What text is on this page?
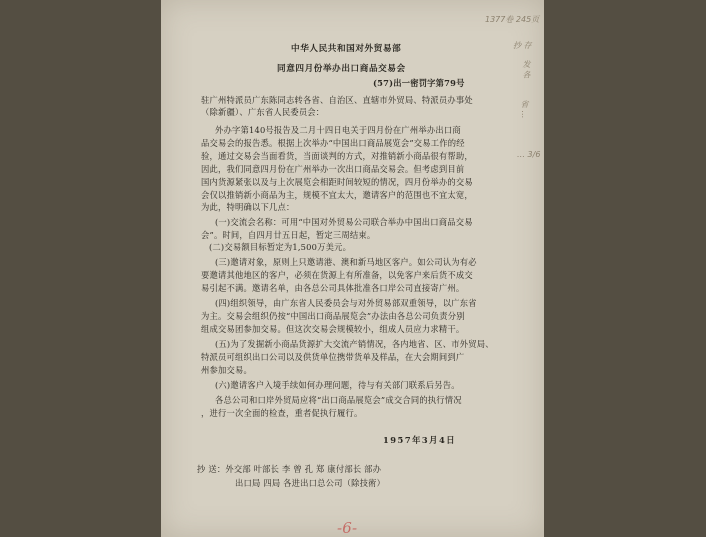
1377卷 245页
抄 存
发 各
省 …
… 3/6
中华人民共和国对外贸易部
同意四月份举办出口商品交易会
(57)出一密罚字第79号
驻广州特派员广东陈同志转各省、自治区、直辖市外贸局、特派员办事处
（除新疆）、广东省人民委员会：
外办字第140号报告及二月十四日电关于四月份在广州举办出口商
品交易会的报告悉。根据上次举办“中国出口商品展览会”交易工作的经
验，通过交易会当面看货，当面谈判的方式，对推销新小商品很有帮助，
因此，我们同意四月份在广州举办一次出口商品交易会。但考虑到目前
国内货源紧张以及与上次展览会相距时间较短的情况，四月份举办的交易
会仅以推销新小商品为主，规模不宜太大，邀请客户的范围也不宜太宽，
为此，特明确以下几点：
(一)交流会名称：可用“中国对外贸易公司联合举办中国出口商品交易
会”。时间，自四月廿五日起，暂定三周结束。
(二)交易额目标暂定为1,500万美元。
(三)邀请对象，原则上只邀请港、澳和新马地区客户。如公司认为有必
要邀请其他地区的客户，必须在货源上有所准备，以免客户来后货不成交
易引起不满。邀请名单，由各总公司具体批准各口岸公司直接寄广州。
(四)组织领导，由广东省人民委员会与对外贸易部双重领导，以广东省
为主。交易会组织仍按“中国出口商品展览会”办法由各总公司负责分别
组成交易团参加交易。但这次交易会规模较小，组成人员应力求精干。
(五)为了发掘新小商品货源扩大交流产销情况，各内地省、区、市外贸局、
特派员可组织出口公司以及供货单位携带货单及样品，在大会期间到广
州参加交易。
(六)邀请客户入境手续如何办理问题，待与有关部门联系后另告。
各总公司和口岸外贸局应将“出口商品展览会”成交合同的执行情况
，进行一次全面的检查，重者促执行履行。
1957年3月4日
抄 送：外交部 叶部长 李 曾 孔 郑 康付部长 部办
出口局 四局 各进出口总公司（除技術）
-6-
